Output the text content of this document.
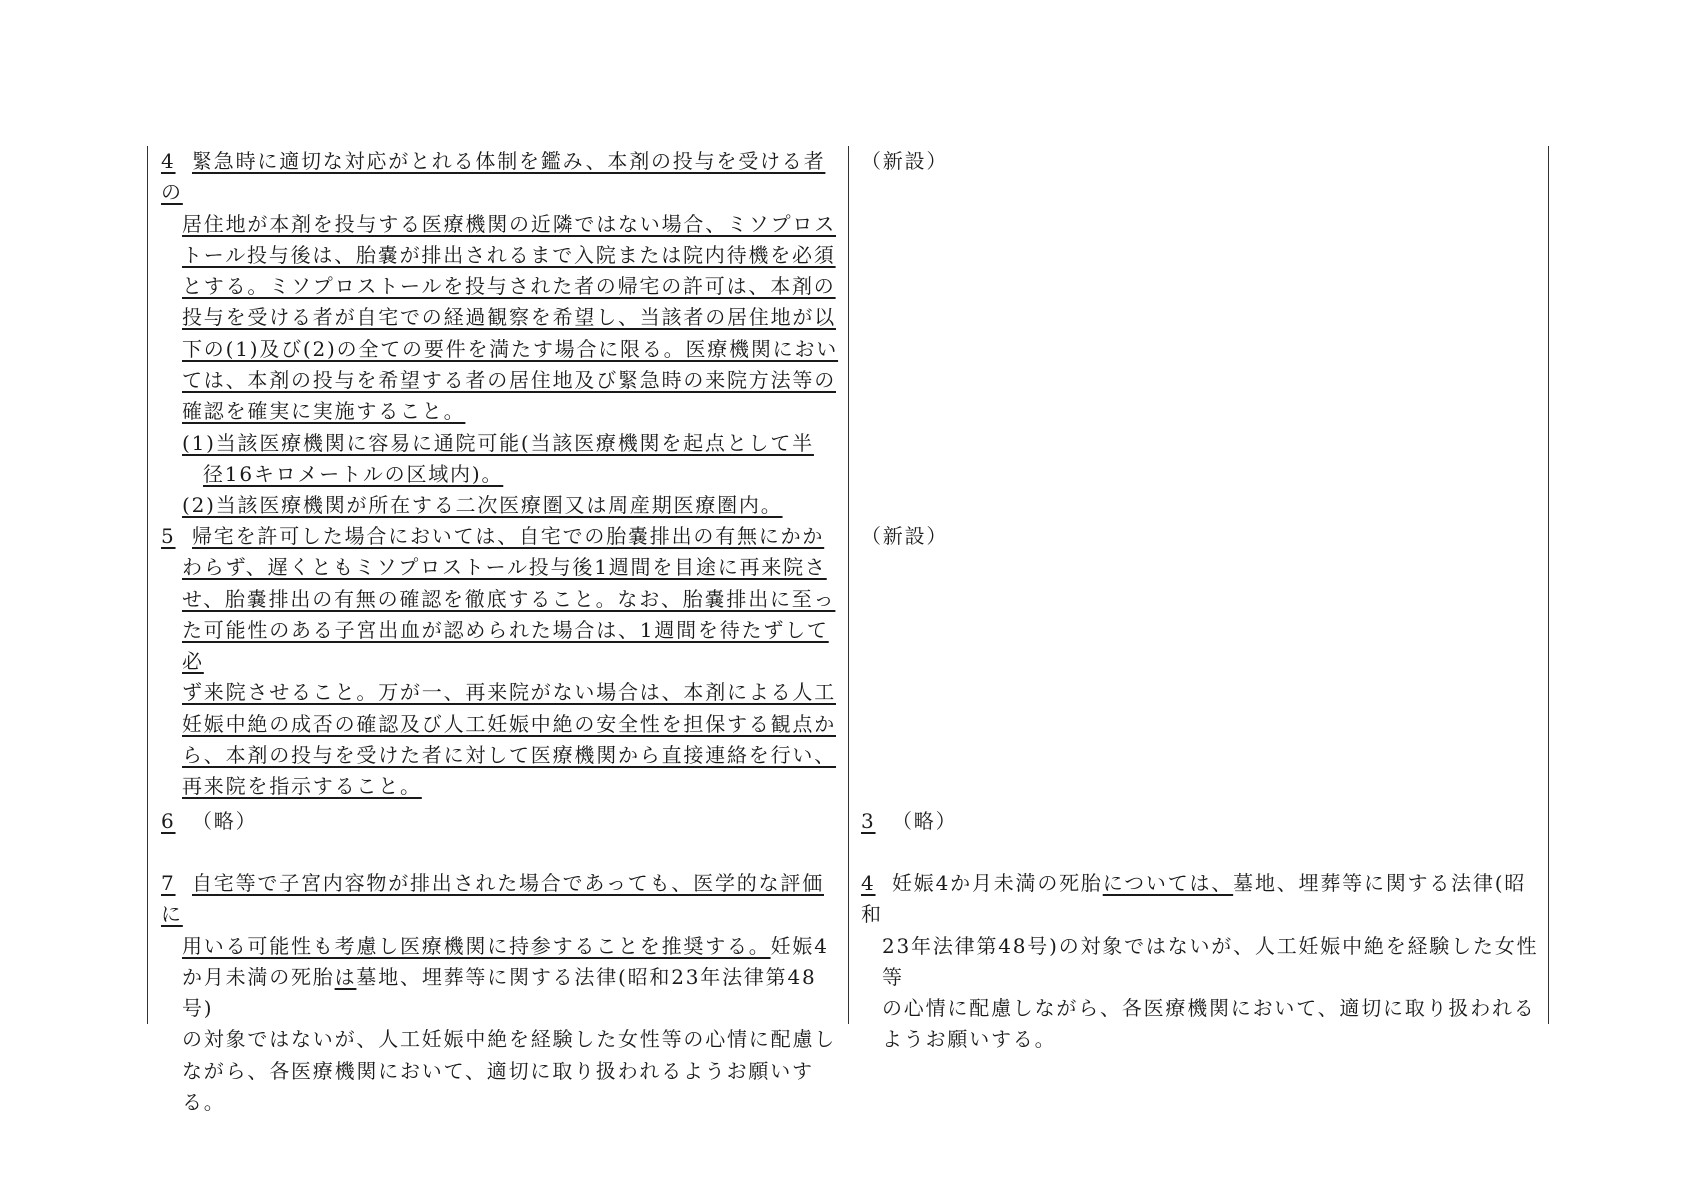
4 緊急時に適切な対応がとれる体制を鑑み、本剤の投与を受ける者の

居住地が本剤を投与する医療機関の近隣ではない場合、ミソプロス

トール投与後は、胎嚢が排出されるまで入院または院内待機を必須

とする。ミソプロストールを投与された者の帰宅の許可は、本剤の

投与を受ける者が自宅での経過観察を希望し、当該者の居住地が以

下の(1)及び(2)の全ての要件を満たす場合に限る。医療機関におい

ては、本剤の投与を希望する者の居住地及び緊急時の来院方法等の

確認を確実に実施すること。

(1)当該医療機関に容易に通院可能(当該医療機関を起点として半

径16キロメートルの区域内)。

(2)当該医療機関が所在する二次医療圏又は周産期医療圏内。

5 帰宅を許可した場合においては、自宅での胎嚢排出の有無にかか

わらず、遅くともミソプロストール投与後1週間を目途に再来院さ

せ、胎嚢排出の有無の確認を徹底すること。なお、胎嚢排出に至っ

た可能性のある子宮出血が認められた場合は、1週間を待たずして必

ず来院させること。万が一、再来院がない場合は、本剤による人工

妊娠中絶の成否の確認及び人工妊娠中絶の安全性を担保する観点か

ら、本剤の投与を受けた者に対して医療機関から直接連絡を行い、

再来院を指示すること。

6 （略）

7 自宅等で子宮内容物が排出された場合であっても、医学的な評価に

用いる可能性も考慮し医療機関に持参することを推奨する。妊娠4

か月未満の死胎は墓地、埋葬等に関する法律(昭和23年法律第48号)

の対象ではないが、人工妊娠中絶を経験した女性等の心情に配慮し

ながら、各医療機関において、適切に取り扱われるようお願いする。

（新設）
（新設）

3 （略）

4 妊娠4か月未満の死胎については、墓地、埋葬等に関する法律(昭和

23年法律第48号)の対象ではないが、人工妊娠中絶を経験した女性等

の心情に配慮しながら、各医療機関において、適切に取り扱われる

ようお願いする。
